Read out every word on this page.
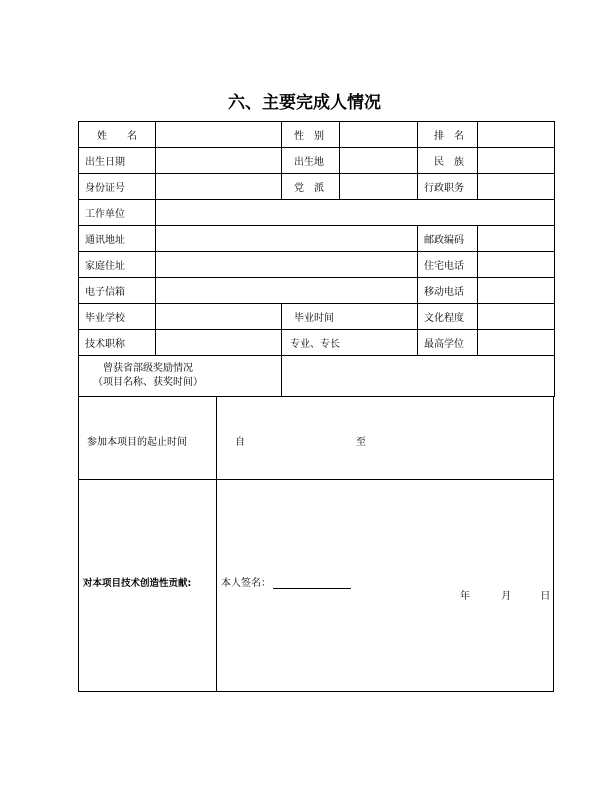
六、主要完成人情况
姓　　名		性　别		排　名	
出生日期		出生地		民　族	
身份证号		党　派		行政职务	
工作单位					
通讯地址				邮政编码	
家庭住址				住宅电话	
电子信箱				移动电话	
毕业学校		毕业时间		文化程度	
技术职称		专业、专长		最高学位	

曾获省部级奖励情况
（项目名称、获奖时间）					

参加本项目的起止时间	自	至
对本项目技术创造性贡献:	本人签名：
年	月	日
